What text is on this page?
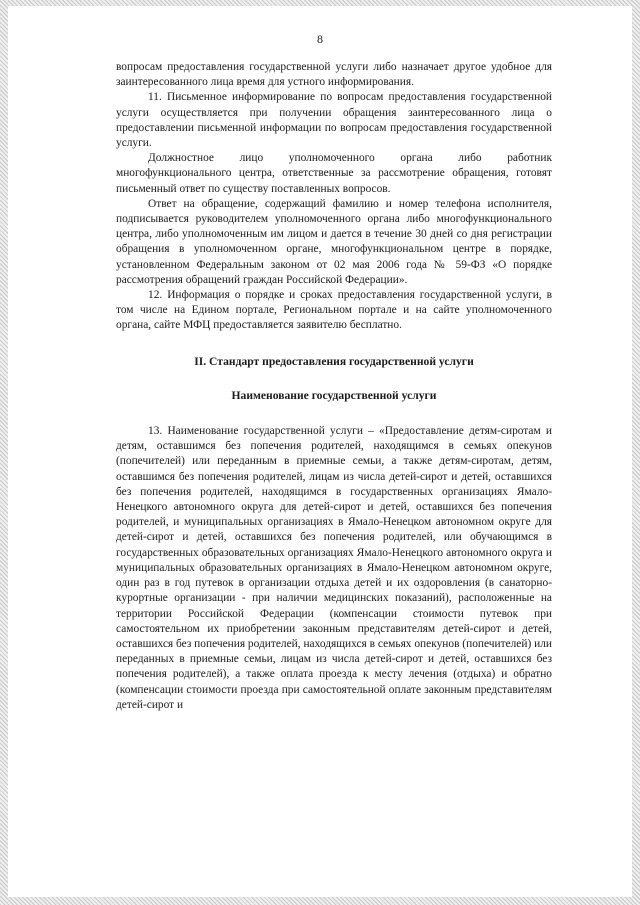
8

вопросам предоставления государственной услуги либо назначает другое удобное для заинтересованного лица время для устного информирования.

11. Письменное информирование по вопросам предоставления государственной услуги осуществляется при получении обращения заинтересованного лица о предоставлении письменной информации по вопросам предоставления государственной услуги.

Должностное лицо уполномоченного органа либо работник многофункционального центра, ответственные за рассмотрение обращения, готовят письменный ответ по существу поставленных вопросов.

Ответ на обращение, содержащий фамилию и номер телефона исполнителя, подписывается руководителем уполномоченного органа либо многофункционального центра, либо уполномоченным им лицом и дается в течение 30 дней со дня регистрации обращения в уполномоченном органе, многофункциональном центре в порядке, установленном Федеральным законом от 02 мая 2006 года № 59-ФЗ «О порядке рассмотрения обращений граждан Российской Федерации».

12. Информация о порядке и сроках предоставления государственной услуги, в том числе на Едином портале, Региональном портале и на сайте уполномоченного органа, сайте МФЦ предоставляется заявителю бесплатно.

II. Стандарт предоставления государственной услуги
Наименование государственной услуги

13. Наименование государственной услуги – «Предоставление детям-сиротам и детям, оставшимся без попечения родителей, находящимся в семьях опекунов (попечителей) или переданным в приемные семьи, а также детям-сиротам, детям, оставшимся без попечения родителей, лицам из числа детей-сирот и детей, оставшихся без попечения родителей, находящимся в государственных организациях Ямало-Ненецкого автономного округа для детей-сирот и детей, оставшихся без попечения родителей, и муниципальных организациях в Ямало-Ненецком автономном округе для детей-сирот и детей, оставшихся без попечения родителей, или обучающимся в государственных образовательных организациях Ямало-Ненецкого автономного округа и муниципальных образовательных организациях в Ямало-Ненецком автономном округе, один раз в год путевок в организации отдыха детей и их оздоровления (в санаторно-курортные организации - при наличии медицинских показаний), расположенные на территории Российской Федерации (компенсации стоимости путевок при самостоятельном их приобретении законным представителям детей-сирот и детей, оставшихся без попечения родителей, находящихся в семьях опекунов (попечителей) или переданных в приемные семьи, лицам из числа детей-сирот и детей, оставшихся без попечения родителей), а также оплата проезда к месту лечения (отдыха) и обратно (компенсации стоимости проезда при самостоятельной оплате законным представителям детей-сирот и
